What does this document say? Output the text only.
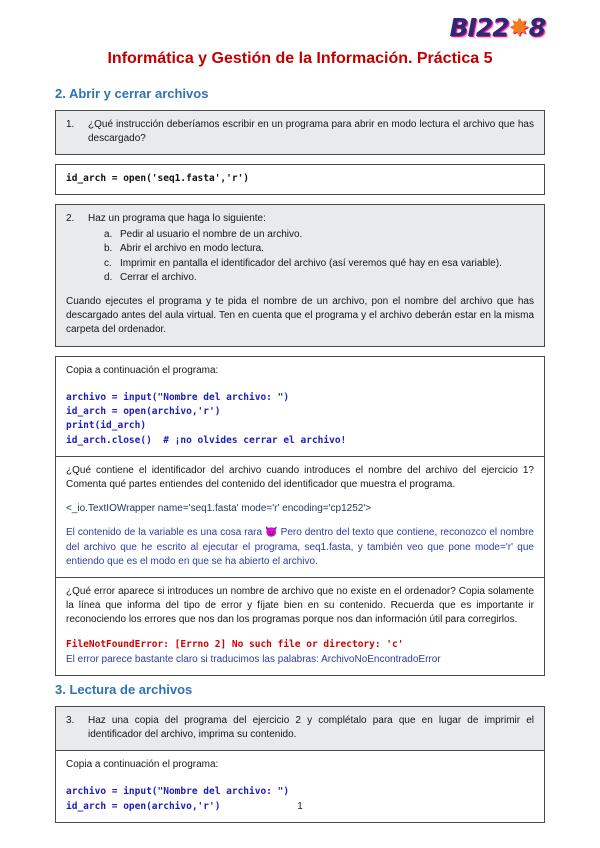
BI22✸8
Informática y Gestión de la Información. Práctica 5
2. Abrir y cerrar archivos
1.	¿Qué instrucción deberíamos escribir en un programa para abrir en modo lectura el archivo que has descargado?
id_arch = open('seq1.fasta','r')
2.	Haz un programa que haga lo siguiente:
a. Pedir al usuario el nombre de un archivo.
b. Abrir el archivo en modo lectura.
c. Imprimir en pantalla el identificador del archivo (así veremos qué hay en esa variable).
d. Cerrar el archivo.

Cuando ejecutes el programa y te pida el nombre de un archivo, pon el nombre del archivo que has descargado antes del aula virtual. Ten en cuenta que el programa y el archivo deberán estar en la misma carpeta del ordenador.

Copia a continuación el programa:
archivo = input("Nombre del archivo: ")
id_arch = open(archivo,'r')
print(id_arch)
id_arch.close()  # ¡no olvides cerrar el archivo!

¿Qué contiene el identificador del archivo cuando introduces el nombre del archivo del ejercicio 1? Comenta qué partes entiendes del contenido del identificador que muestra el programa.

<_io.TextIOWrapper name='seq1.fasta' mode='r' encoding='cp1252'>

El contenido de la variable es una cosa rara 😈 Pero dentro del texto que contiene, reconozco el nombre del archivo que he escrito al ejecutar el programa, seq1.fasta, y también veo que pone mode='r' que entiendo que es el modo en que se ha abierto el archivo.

¿Qué error aparece si introduces un nombre de archivo que no existe en el ordenador? Copia solamente la línea que informa del tipo de error y fíjate bien en su contenido. Recuerda que es importante ir reconociendo los errores que nos dan los programas porque nos dan información útil para corregirlos.

FileNotFoundError: [Errno 2] No such file or directory: 'c'

El error parece bastante claro si traducimos las palabras: ArchivoNoEncontradoError

3. Lectura de archivos
3.	Haz una copia del programa del ejercicio 2 y complétalo para que en lugar de imprimir el identificador del archivo, imprima su contenido.
Copia a continuación el programa:
archivo = input("Nombre del archivo: ")
id_arch = open(archivo,'r')	1
